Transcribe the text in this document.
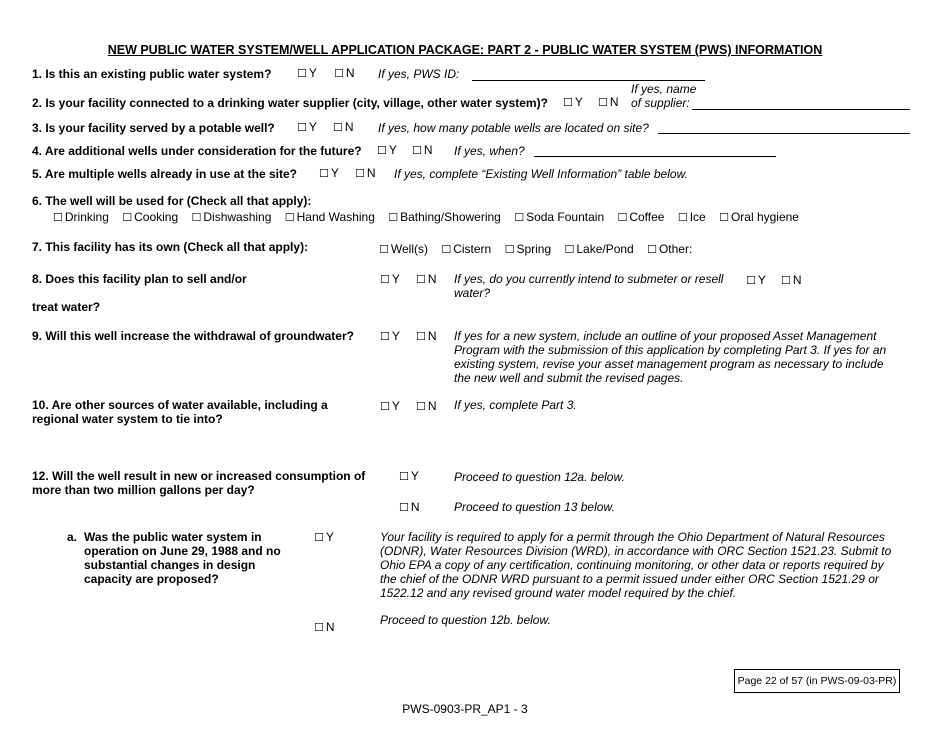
NEW PUBLIC WATER SYSTEM/WELL APPLICATION PACKAGE: PART 2 - PUBLIC WATER SYSTEM (PWS) INFORMATION
1. Is this an existing public water system? ☐ Y ☐ N If yes, PWS ID:
2. Is your facility connected to a drinking water supplier (city, village, other water system)? ☐ Y ☐ N
If yes, name
of supplier:
3. Is your facility served by a potable well? ☐ Y ☐ N If yes, how many potable wells are located on site?
4. Are additional wells under consideration for the future? ☐ Y ☐ N If yes, when?
5. Are multiple wells already in use at the site? ☐ Y ☐ N If yes, complete “Existing Well Information” table below.
6. The well will be used for (Check all that apply):
☐ Drinking ☐ Cooking ☐ Dishwashing ☐ Hand Washing ☐ Bathing/Showering ☐ Soda Fountain ☐ Coffee ☐ Ice ☐ Oral hygiene
7. This facility has its own (Check all that apply):	☐ Well(s) ☐ Cistern ☐ Spring ☐ Lake/Pond ☐ Other:
8. Does this facility plan to sell and/or
treat water?
☐ Y ☐ N If yes, do you currently intend to submeter or resell water?
☐ Y ☐ N
9. Will this well increase the withdrawal of groundwater? ☐ Y ☐ N If yes for a new system, include an outline of your proposed Asset Management Program with the submission of this application by completing Part 3. If yes for an existing system, revise your asset management program as necessary to include the new well and submit the revised pages.
10. Are other sources of water available, including a regional water system to tie into?
☐ Y ☐ N If yes, complete Part 3.
12. Will the well result in new or increased consumption of more than two million gallons per day?
☐ Y	Proceed to question 12a. below.
☐ N	Proceed to question 13 below.
a. Was the public water system in operation on June 29, 1988 and no substantial changes in design capacity are proposed?
☐ Y	Your facility is required to apply for a permit through the Ohio Department of Natural Resources (ODNR), Water Resources Division (WRD), in accordance with ORC Section 1521.23. Submit to Ohio EPA a copy of any certification, continuing monitoring, or other data or reports required by the chief of the ODNR WRD pursuant to a permit issued under either ORC Section 1521.29 or 1522.12 and any revised ground water model required by the chief.
☐ N	Proceed to question 12b. below.
Page 22 of 57 (in PWS-09-03-PR)
PWS-0903-PR_AP1 - 3
